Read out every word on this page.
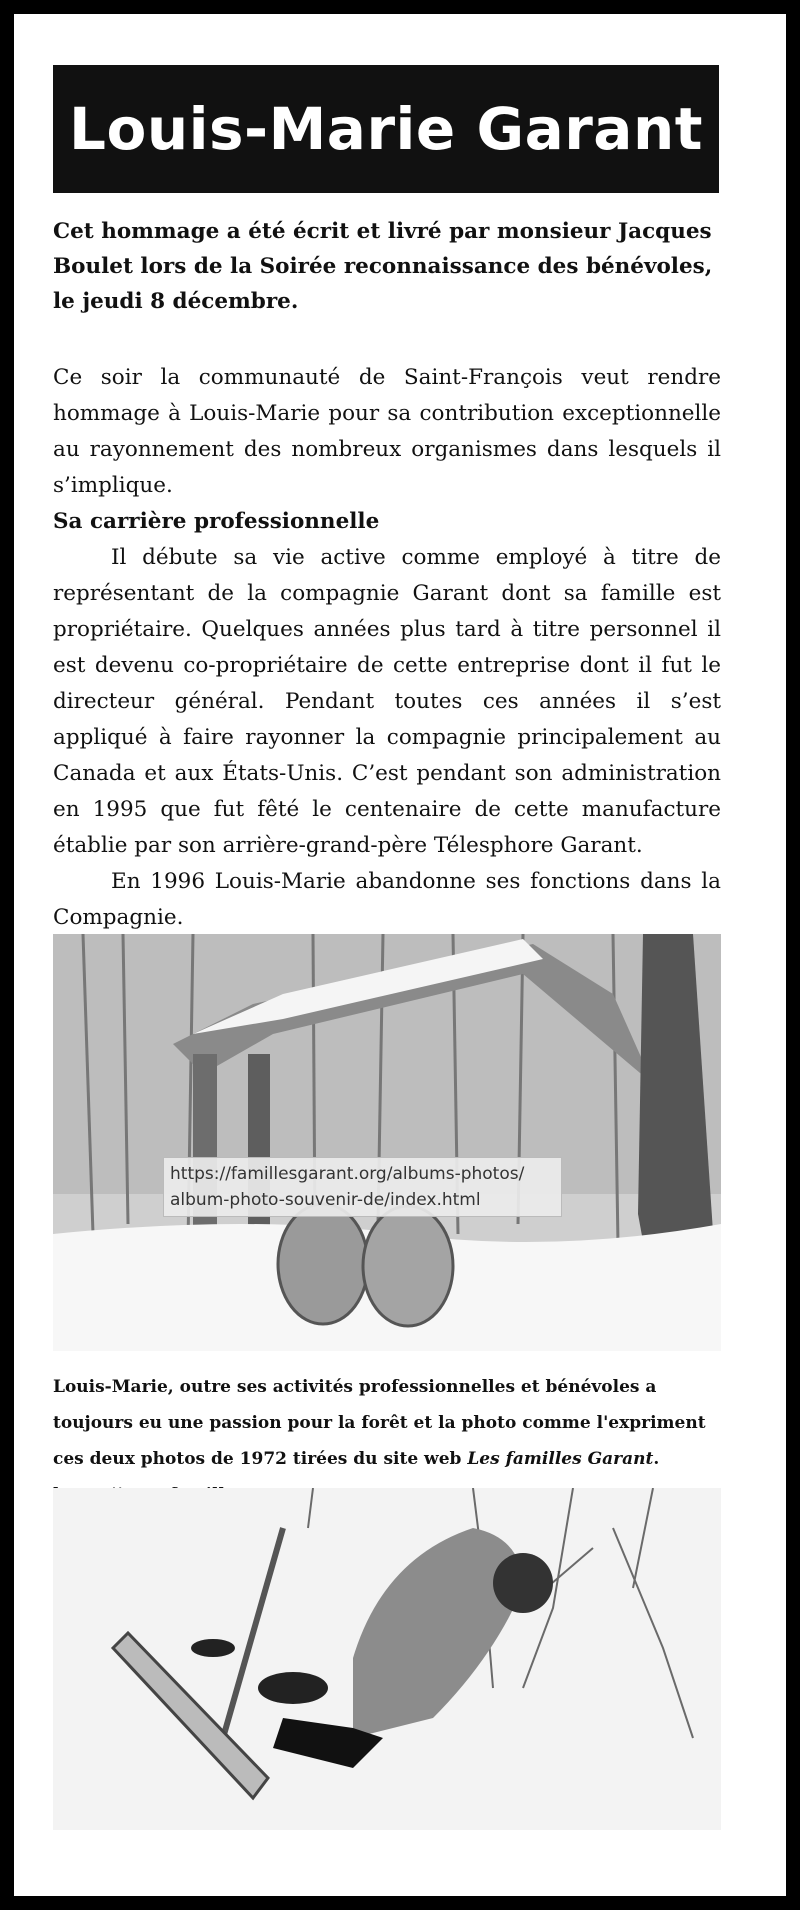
Louis-Marie Garant
Cet hommage a été écrit et livré par monsieur Jacques Boulet lors de la Soirée reconnaissance des bénévoles, le jeudi 8 décembre.

Ce soir la communauté de Saint-François veut rendre hommage à Louis-Marie pour sa contribution exceptionnelle au rayonnement des nombreux organismes dans lesquels il s’implique.

Sa carrière professionnelle

Il débute sa vie active comme employé à titre de représentant de la compagnie Garant dont sa famille est propriétaire. Quelques années plus tard à titre personnel il est devenu co-propriétaire de cette entreprise dont il fut le directeur général. Pendant toutes ces années il s’est appliqué à faire rayonner la compagnie principalement au Canada et aux États-Unis. C’est pendant son administration en 1995 que fut fêté le centenaire de cette manufacture établie par son arrière-grand-père Télesphore Garant.

En 1996 Louis-Marie abandonne ses fonctions dans la Compagnie.

https://famillesgarant.org/albums-photos/
album-photo-souvenir-de/index.html
Louis-Marie, outre ses activités professionnelles et bénévoles a toujours eu une passion pour la forêt et la photo comme l'expriment ces deux photos de 1972 tirées du site web Les familles Garant.
